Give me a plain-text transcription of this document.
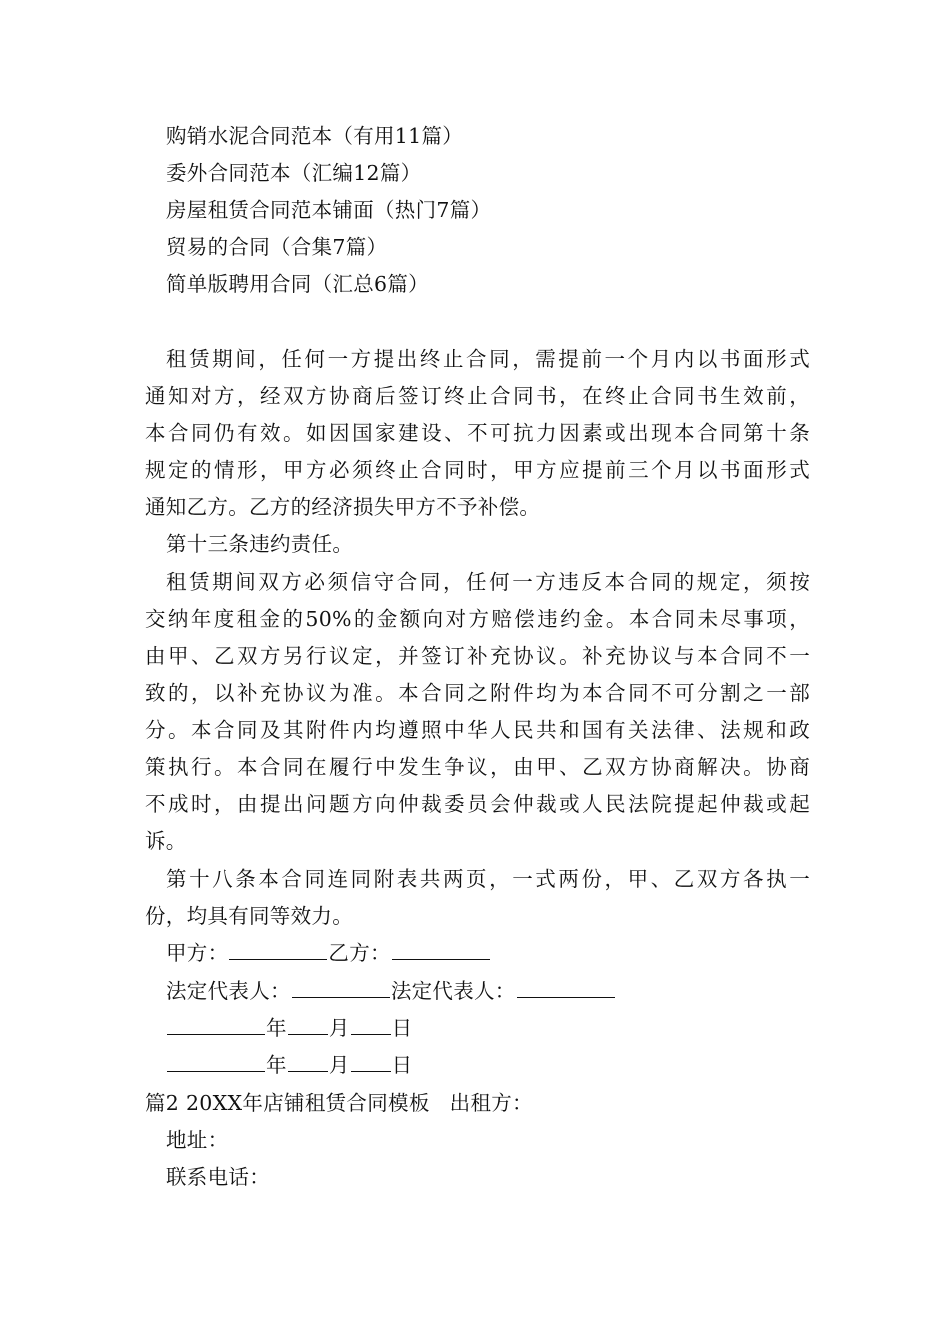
购销水泥合同范本（有用11篇）
委外合同范本（汇编12篇）
房屋租赁合同范本铺面（热门7篇）
贸易的合同（合集7篇）
简单版聘用合同（汇总6篇）
租赁期间，任何一方提出终止合同，需提前一个月内以书面形式
通知对方，经双方协商后签订终止合同书，在终止合同书生效前，
本合同仍有效。如因国家建设、不可抗力因素或出现本合同第十条
规定的情形，甲方必须终止合同时，甲方应提前三个月以书面形式
通知乙方。乙方的经济损失甲方不予补偿。
第十三条违约责任。
租赁期间双方必须信守合同，任何一方违反本合同的规定，须按
交纳年度租金的50%的金额向对方赔偿违约金。本合同未尽事项，
由甲、乙双方另行议定，并签订补充协议。补充协议与本合同不一
致的，以补充协议为准。本合同之附件均为本合同不可分割之一部
分。本合同及其附件内均遵照中华人民共和国有关法律、法规和政
策执行。本合同在履行中发生争议，由甲、乙双方协商解决。协商
不成时，由提出问题方向仲裁委员会仲裁或人民法院提起仲裁或起
诉。
第十八条本合同连同附表共两页，一式两份，甲、乙双方各执一
份，均具有同等效力。
甲方：	乙方：
法定代表人：	法定代表人：
年 月 日
年 月 日
篇2 20XX年店铺租赁合同模板 出租方：
地址：
联系电话：
